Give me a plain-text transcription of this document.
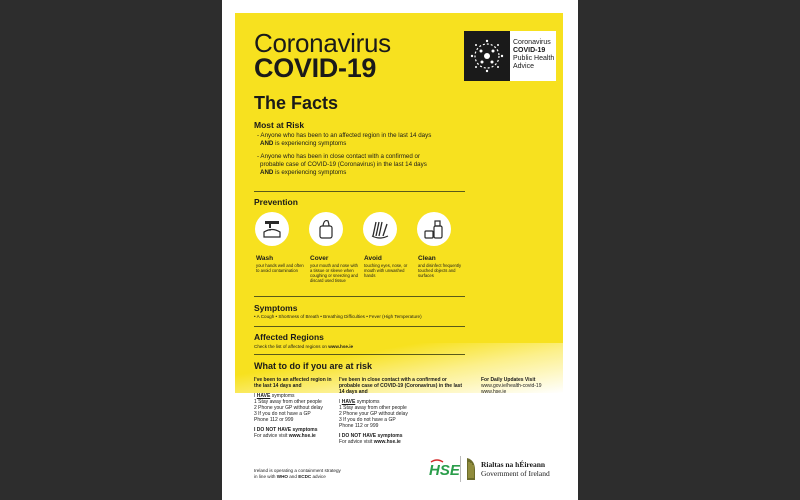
Coronavirus
COVID-19
The Facts
Coronavirus
COVID-19
Public Health
Advice
Most at Risk
- Anyone who has been to an affected region in the last 14 days
AND is experiencing symptoms
- Anyone who has been in close contact with a confirmed or
probable case of COVID-19 (Coronavirus) in the last 14 days
AND is experiencing symptoms
Prevention
Wash
your hands well and often to avoid contamination
Cover
your mouth and nose with a tissue or sleeve when coughing or sneezing and discard used tissue
Avoid
touching eyes, nose, or mouth with unwashed hands
Clean
and disinfect frequently touched objects and surfaces
Symptoms
• A Cough • Shortness of Breath • Breathing Difficulties • Fever (High Temperature)
Affected Regions
Check the list of affected regions on www.hse.ie
What to do if you are at risk
I've been to an affected region in the last 14 days and
I HAVE symptoms
1 Stay away from other people
2 Phone your GP without delay
3 If you do not have a GP
Phone 112 or 999
I DO NOT HAVE symptoms
For advice visit www.hse.ie
I've been in close contact with a confirmed or probable case of COVID-19 (Coronavirus) in the last 14 days and
I HAVE symptoms
1 Stay away from other people
2 Phone your GP without delay
3 If you do not have a GP
Phone 112 or 999
I DO NOT HAVE symptoms
For advice visit www.hse.ie
For Daily Updates Visit
www.gov.ie/health-covid-19
www.hse.ie
Ireland is operating a containment strategy
in line with WHO and ECDC advice	HSE	Rialtas na hÉireann
Government of Ireland
